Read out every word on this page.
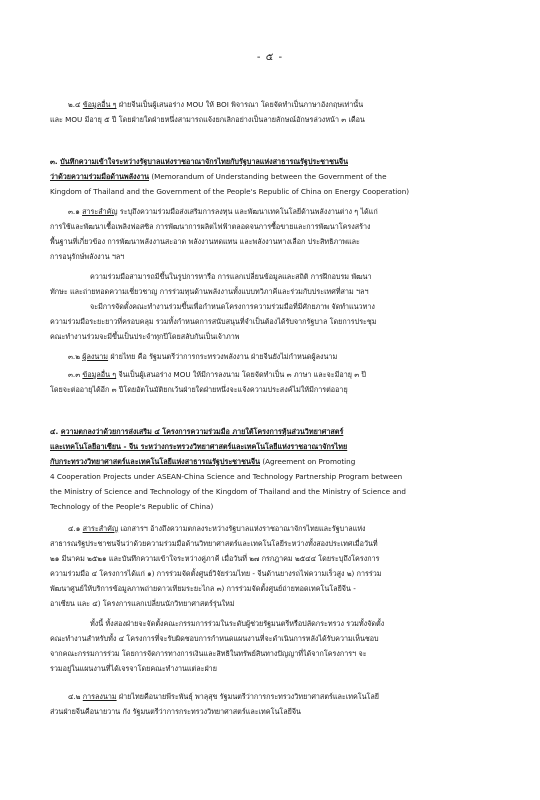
- ๕ -
๒.๔ ข้อมูลอื่น ๆ ฝ่ายจีนเป็นผู้เสนอร่าง MOU ให้ BOI พิจารณา โดยจัดทำเป็นภาษาอังกฤษเท่านั้น
และ MOU มีอายุ ๕ ปี โดยฝ่ายใดฝ่ายหนึ่งสามารถแจ้งยกเลิกอย่างเป็นลายลักษณ์อักษรล่วงหน้า ๓ เดือน
๓. บันทึกความเข้าใจระหว่างรัฐบาลแห่งราชอาณาจักรไทยกับรัฐบาลแห่งสาธารณรัฐประชาชนจีน
ว่าด้วยความร่วมมือด้านพลังงาน (Memorandum of Understanding between the Government of the
Kingdom of Thailand and the Government of the People's Republic of China on Energy Cooperation)
๓.๑ สาระสำคัญ ระบุถึงความร่วมมือส่งเสริมการลงทุน และพัฒนาเทคโนโลยีด้านพลังงานต่าง ๆ ได้แก่
การใช้และพัฒนาเชื้อเพลิงฟอสซิล การพัฒนาการผลิตไฟฟ้าตลอดจนการซื้อขายและการพัฒนาโครงสร้าง
พื้นฐานที่เกี่ยวข้อง การพัฒนาพลังงานสะอาด พลังงานทดแทน และพลังงานทางเลือก ประสิทธิภาพและ
การอนุรักษ์พลังงาน ฯลฯ
ความร่วมมือสามารถมีขึ้นในรูปการหารือ การแลกเปลี่ยนข้อมูลและสถิติ การฝึกอบรม พัฒนา
ทักษะ และถ่ายทอดความเชี่ยวชาญ การร่วมทุนด้านพลังงานทั้งแบบทวิภาคีและร่วมกับประเทศที่สาม ฯลฯ
จะมีการจัดตั้งคณะทำงานร่วมขึ้นเพื่อกำหนดโครงการความร่วมมือที่มีศักยภาพ จัดทำแนวทาง
ความร่วมมือระยะยาวที่ครอบคลุม รวมทั้งกำหนดการสนับสนุนที่จำเป็นต้องได้รับจากรัฐบาล โดยการประชุม
คณะทำงานร่วมจะมีขึ้นเป็นประจำทุกปีโดยสลับกันเป็นเจ้าภาพ
๓.๒ ผู้ลงนาม ฝ่ายไทย คือ รัฐมนตรีว่าการกระทรวงพลังงาน ฝ่ายจีนยังไม่กำหนดผู้ลงนาม
๓.๓ ข้อมูลอื่น ๆ จีนเป็นผู้เสนอร่าง MOU ให้มีการลงนาม โดยจัดทำเป็น ๓ ภาษา และจะมีอายุ ๓ ปี
โดยจะต่ออายุได้อีก ๓ ปีโดยอัตโนมัติยกเว้นฝ่ายใดฝ่ายหนึ่งจะแจ้งความประสงค์ไม่ให้มีการต่ออายุ
๔. ความตกลงว่าด้วยการส่งเสริม ๔ โครงการความร่วมมือ ภายใต้โครงการหุ้นส่วนวิทยาศาสตร์
และเทคโนโลยีอาเซียน - จีน ระหว่างกระทรวงวิทยาศาสตร์และเทคโนโลยีแห่งราชอาณาจักรไทย
กับกระทรวงวิทยาศาสตร์และเทคโนโลยีแห่งสาธารณรัฐประชาชนจีน (Agreement on Promoting
4 Cooperation Projects under ASEAN-China Science and Technology Partnership Program between
the Ministry of Science and Technology of the Kingdom of Thailand and the Ministry of Science and
Technology of the People's Republic of China)
๔.๑ สาระสำคัญ เอกสารฯ อ้างถึงความตกลงระหว่างรัฐบาลแห่งราชอาณาจักรไทยและรัฐบาลแห่ง
สาธารณรัฐประชาชนจีนว่าด้วยความร่วมมือด้านวิทยาศาสตร์และเทคโนโลยีระหว่างทั้งสองประเทศเมื่อวันที่
๒๑ มีนาคม ๒๕๒๑ และบันทึกความเข้าใจระหว่างคู่ภาคี เมื่อวันที่ ๒๗ กรกฎาคม ๒๕๔๔ โดยระบุถึงโครงการ
ความร่วมมือ ๔ โครงการได้แก่ ๑) การร่วมจัดตั้งศูนย์วิจัยร่วมไทย - จีนด้านยางรถไฟความเร็วสูง ๒) การร่วม
พัฒนาศูนย์ให้บริการข้อมูลภาพถ่ายดาวเทียมระยะไกล ๓) การร่วมจัดตั้งศูนย์ถ่ายทอดเทคโนโลยีจีน -
อาเซียน และ ๔) โครงการแลกเปลี่ยนนักวิทยาศาสตร์รุ่นใหม่
ทั้งนี้ ทั้งสองฝ่ายจะจัดตั้งคณะกรรมการร่วมในระดับผู้ช่วยรัฐมนตรีหรือปลัดกระทรวง รวมทั้งจัดตั้ง
คณะทำงานสำหรับทั้ง ๔ โครงการที่จะรับผิดชอบการกำหนดแผนงานที่จะดำเนินการหลังได้รับความเห็นชอบ
จากคณะกรรมการร่วม โดยการจัดการทางการเงินและสิทธิในทรัพย์สินทางปัญญาที่ได้จากโครงการฯ จะ
รวมอยู่ในแผนงานที่ได้เจรจาโดยคณะทำงานแต่ละฝ่าย
๔.๒ การลงนาม ฝ่ายไทยคือนายพีระพันธุ์ พาลุสุข รัฐมนตรีว่าการกระทรวงวิทยาศาสตร์และเทคโนโลยี
ส่วนฝ่ายจีนคือนายวาน กัง รัฐมนตรีว่าการกระทรวงวิทยาศาสตร์และเทคโนโลยีจีน
